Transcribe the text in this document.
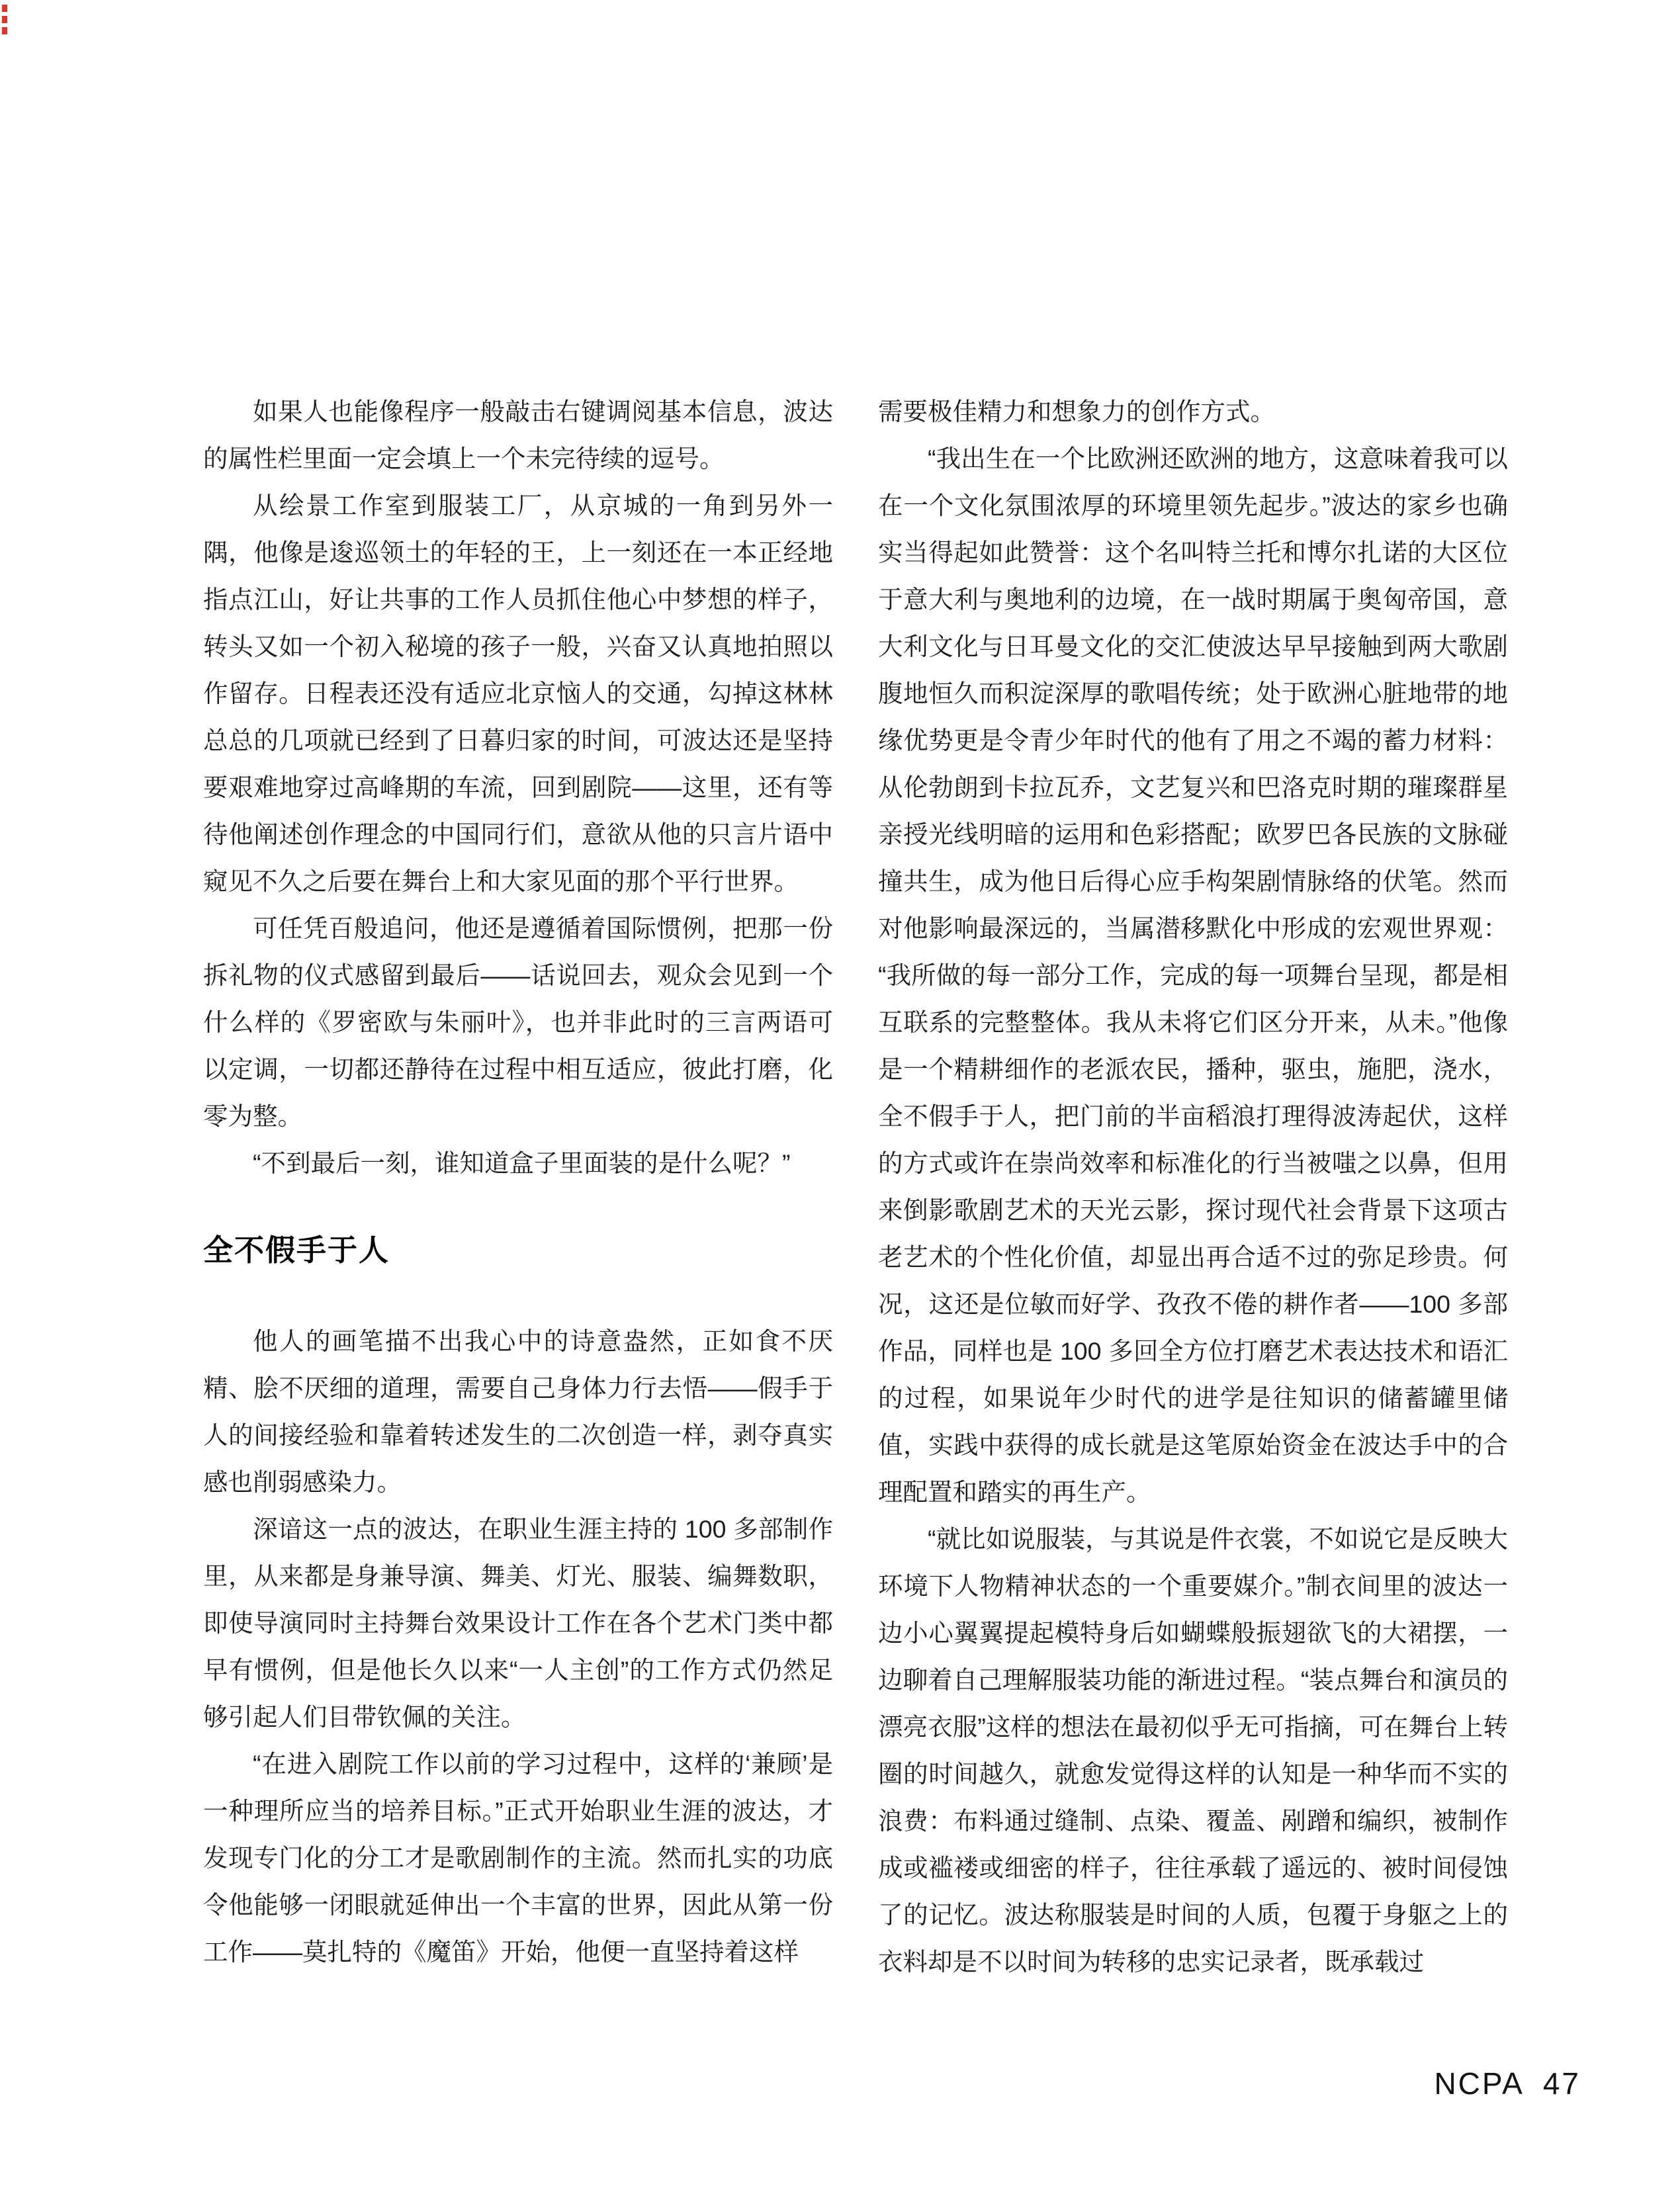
如果人也能像程序一般敲击右键调阅基本信息，波达的属性栏里面一定会填上一个未完待续的逗号。

从绘景工作室到服装工厂，从京城的一角到另外一隅，他像是逡巡领土的年轻的王，上一刻还在一本正经地指点江山，好让共事的工作人员抓住他心中梦想的样子，转头又如一个初入秘境的孩子一般，兴奋又认真地拍照以作留存。日程表还没有适应北京恼人的交通，勾掉这林林总总的几项就已经到了日暮归家的时间，可波达还是坚持要艰难地穿过高峰期的车流，回到剧院——这里，还有等待他阐述创作理念的中国同行们，意欲从他的只言片语中窥见不久之后要在舞台上和大家见面的那个平行世界。

可任凭百般追问，他还是遵循着国际惯例，把那一份拆礼物的仪式感留到最后——话说回去，观众会见到一个什么样的《罗密欧与朱丽叶》，也并非此时的三言两语可以定调，一切都还静待在过程中相互适应，彼此打磨，化零为整。

“不到最后一刻，谁知道盒子里面装的是什么呢？”

全不假手于人

他人的画笔描不出我心中的诗意盎然，正如食不厌精、脍不厌细的道理，需要自己身体力行去悟——假手于人的间接经验和靠着转述发生的二次创造一样，剥夺真实感也削弱感染力。

深谙这一点的波达，在职业生涯主持的 100 多部制作里，从来都是身兼导演、舞美、灯光、服装、编舞数职，即使导演同时主持舞台效果设计工作在各个艺术门类中都早有惯例，但是他长久以来“一人主创”的工作方式仍然足够引起人们目带钦佩的关注。

“在进入剧院工作以前的学习过程中，这样的‘兼顾’是一种理所应当的培养目标。”正式开始职业生涯的波达，才发现专门化的分工才是歌剧制作的主流。然而扎实的功底令他能够一闭眼就延伸出一个丰富的世界，因此从第一份工作——莫扎特的《魔笛》开始，他便一直坚持着这样

需要极佳精力和想象力的创作方式。

“我出生在一个比欧洲还欧洲的地方，这意味着我可以在一个文化氛围浓厚的环境里领先起步。”波达的家乡也确实当得起如此赞誉：这个名叫特兰托和博尔扎诺的大区位于意大利与奥地利的边境，在一战时期属于奥匈帝国，意大利文化与日耳曼文化的交汇使波达早早接触到两大歌剧腹地恒久而积淀深厚的歌唱传统；处于欧洲心脏地带的地缘优势更是令青少年时代的他有了用之不竭的蓄力材料：从伦勃朗到卡拉瓦乔，文艺复兴和巴洛克时期的璀璨群星亲授光线明暗的运用和色彩搭配；欧罗巴各民族的文脉碰撞共生，成为他日后得心应手构架剧情脉络的伏笔。然而对他影响最深远的，当属潜移默化中形成的宏观世界观：“我所做的每一部分工作，完成的每一项舞台呈现，都是相互联系的完整整体。我从未将它们区分开来，从未。”他像是一个精耕细作的老派农民，播种，驱虫，施肥，浇水，全不假手于人，把门前的半亩稻浪打理得波涛起伏，这样的方式或许在崇尚效率和标准化的行当被嗤之以鼻，但用来倒影歌剧艺术的天光云影，探讨现代社会背景下这项古老艺术的个性化价值，却显出再合适不过的弥足珍贵。何况，这还是位敏而好学、孜孜不倦的耕作者——100 多部作品，同样也是 100 多回全方位打磨艺术表达技术和语汇的过程，如果说年少时代的进学是往知识的储蓄罐里储值，实践中获得的成长就是这笔原始资金在波达手中的合理配置和踏实的再生产。

“就比如说服装，与其说是件衣裳，不如说它是反映大环境下人物精神状态的一个重要媒介。”制衣间里的波达一边小心翼翼提起模特身后如蝴蝶般振翅欲飞的大裙摆，一边聊着自己理解服装功能的渐进过程。“装点舞台和演员的漂亮衣服”这样的想法在最初似乎无可指摘，可在舞台上转圈的时间越久，就愈发觉得这样的认知是一种华而不实的浪费：布料通过缝制、点染、覆盖、剐蹭和编织，被制作成或褴褛或细密的样子，往往承载了遥远的、被时间侵蚀了的记忆。波达称服装是时间的人质，包覆于身躯之上的衣料却是不以时间为转移的忠实记录者，既承载过

NCPA 47
